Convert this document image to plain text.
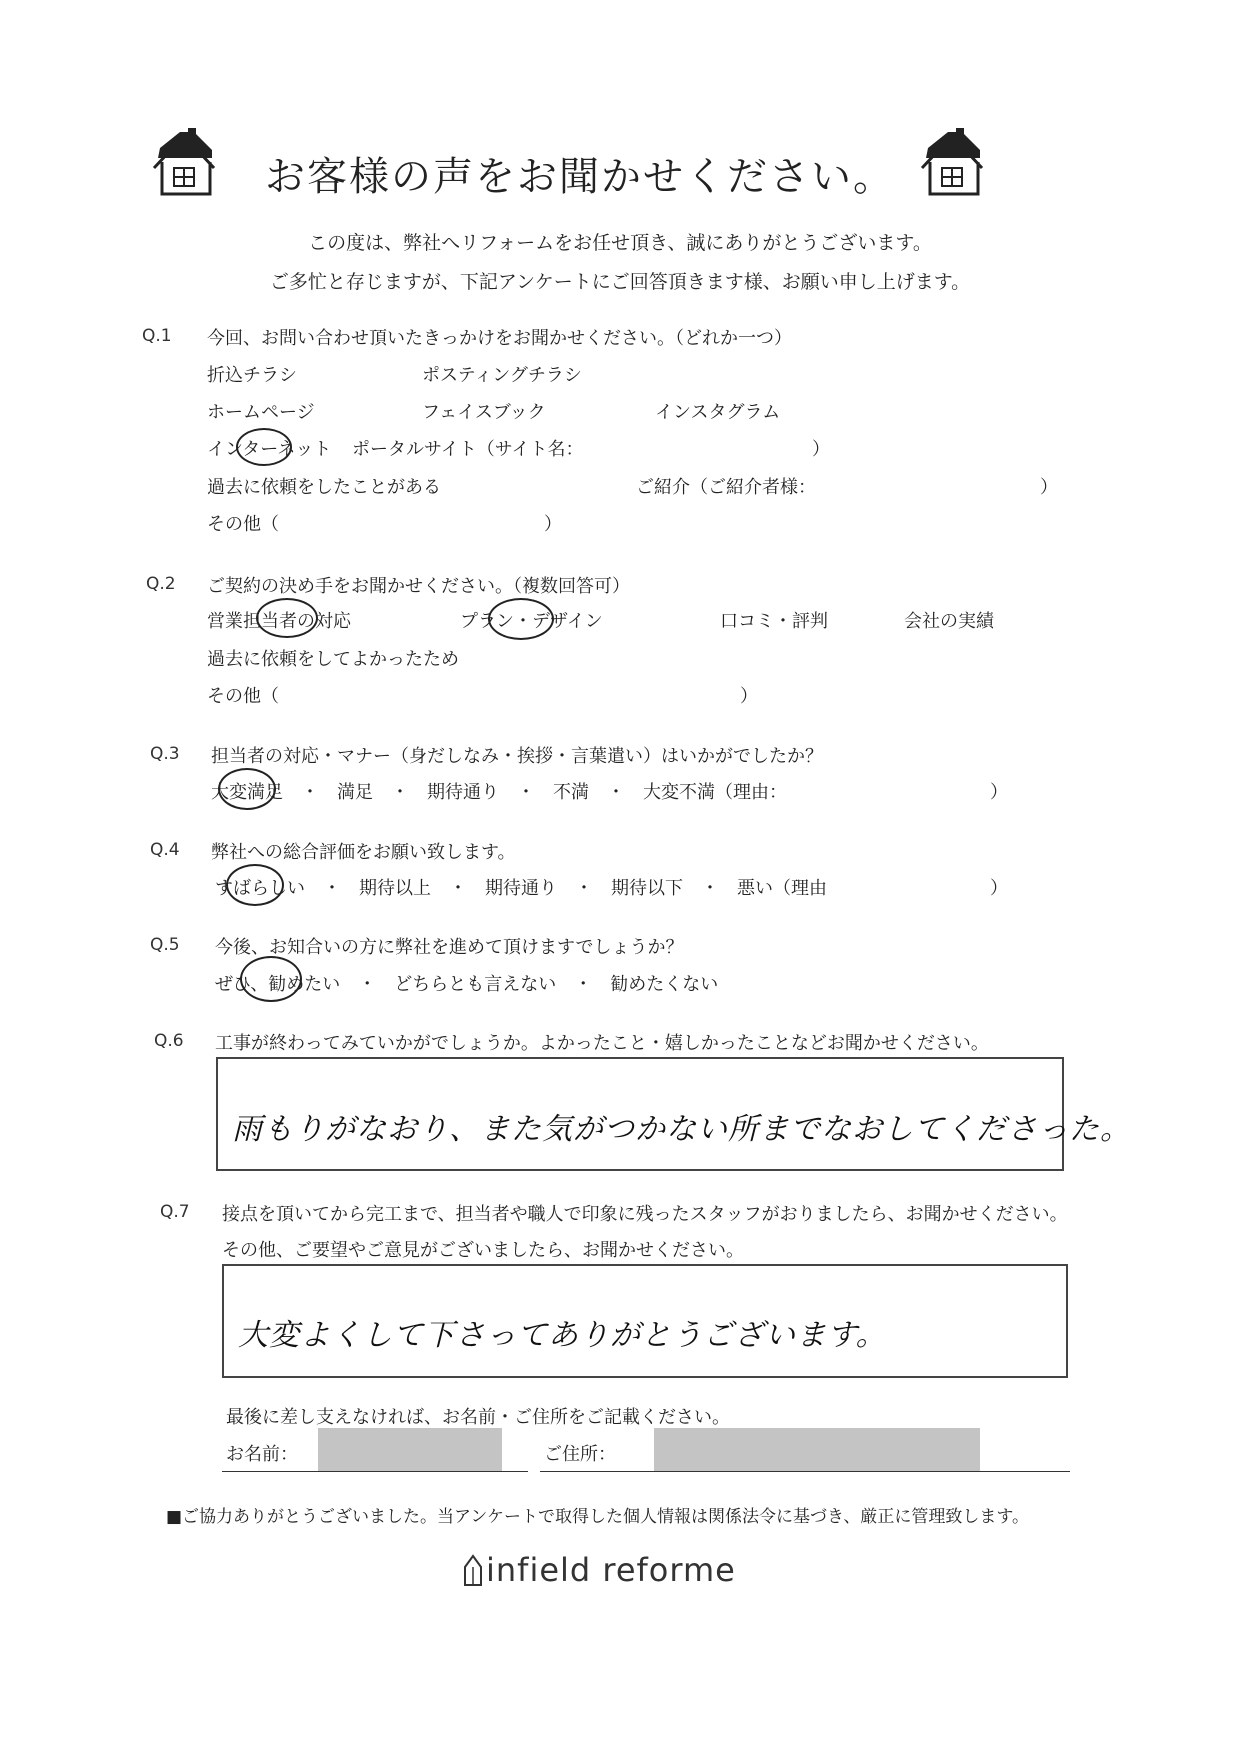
お客様の声をお聞かせください。
この度は、弊社へリフォームをお任せ頂き、誠にありがとうございます。
ご多忙と存じますが、下記アンケートにご回答頂きます様、お願い申し上げます。
Q.1 今回、お問い合わせ頂いたきっかけをお聞かせください。（どれか一つ）
折込チラシ	ポスティングチラシ
ホームページ	フェイスブック	インスタグラム
インターネット ポータルサイト（サイト名：	）
過去に依頼をしたことがある	ご紹介（ご紹介者様：	）
その他（	）
Q.2 ご契約の決め手をお聞かせください。（複数回答可）
営業担当者の対応	プラン・デザイン	口コミ・評判	会社の実績
過去に依頼をしてよかったため
その他（	）
Q.3 担当者の対応・マナー（身だしなみ・挨拶・言葉遣い）はいかがでしたか？
大変満足　・　満足　・　期待通り　・　不満　・　大変不満（理由：	）
Q.4 弊社への総合評価をお願い致します。
すばらしい　・　期待以上　・　期待通り　・　期待以下　・　悪い（理由	）
Q.5 今後、お知合いの方に弊社を進めて頂けますでしょうか？
ぜひ、勧めたい　・　どちらとも言えない　・　勧めたくない
Q.6 工事が終わってみていかがでしょうか。よかったこと・嬉しかったことなどお聞かせください。
雨もりがなおり、また気がつかない所までなおしてくださった。
Q.7 接点を頂いてから完工まで、担当者や職人で印象に残ったスタッフがおりましたら、お聞かせください。
その他、ご要望やご意見がございましたら、お聞かせください。
大変よくして下さってありがとうございます。
最後に差し支えなければ、お名前・ご住所をご記載ください。
お名前：	ご住所：
■ご協力ありがとうございました。当アンケートで取得した個人情報は関係法令に基づき、厳正に管理致します。
infield reforme
